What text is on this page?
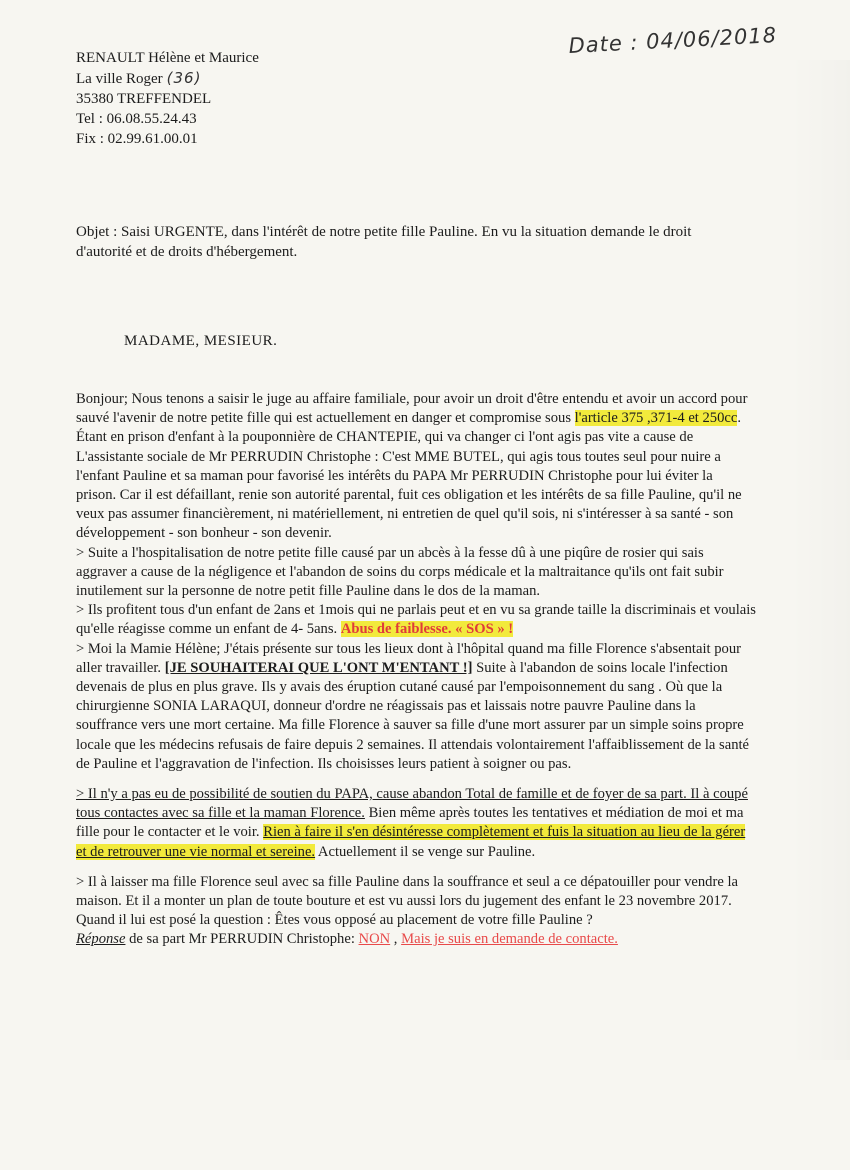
RENAULT Hélène et Maurice
La ville Roger (36)
35380 TREFFENDEL
Tel : 06.08.55.24.43
Fix : 02.99.61.00.01
Date : 04/06/2018
Objet : Saisi URGENTE, dans l'intérêt de notre petite fille Pauline. En vu la situation demande le droit d'autorité et de droits d'hébergement.
MADAME, MESIEUR.

Bonjour; Nous tenons a saisir le juge au affaire familiale, pour avoir un droit d'être entendu et avoir un accord pour sauvé l'avenir de notre petite fille qui est actuellement en danger et compromise sous l'article 375 ,371-4 et 250cc. Étant en prison d'enfant à la pouponnière de CHANTEPIE, qui va changer ci l'ont agis pas vite a cause de L'assistante sociale de Mr PERRUDIN Christophe : C'est MME BUTEL, qui agis tous toutes seul pour nuire a l'enfant Pauline et sa maman pour favorisé les intérêts du PAPA Mr PERRUDIN Christophe pour lui éviter la prison. Car il est défaillant, renie son autorité parental, fuit ces obligation et les intérêts de sa fille Pauline, qu'il ne veux pas assumer financièrement, ni matériellement, ni entretien de quel qu'il sois, ni s'intéresser à sa santé - son développement - son bonheur - son devenir.

> Suite a l'hospitalisation de notre petite fille causé par un abcès à la fesse dû à une piqûre de rosier qui sais aggraver a cause de la négligence et l'abandon de soins du corps médicale et la maltraitance qu'ils ont fait subir inutilement sur la personne de notre petit fille Pauline dans le dos de la maman.

> Ils profitent tous d'un enfant de 2ans et 1mois qui ne parlais peut et en vu sa grande taille la discriminais et voulais qu'elle réagisse comme un enfant de 4- 5ans. Abus de faiblesse. « SOS » !

> Moi la Mamie Hélène; J'étais présente sur tous les lieux dont à l'hôpital quand ma fille Florence s'absentait pour aller travailler. [JE SOUHAITERAI QUE L'ONT M'ENTANT !] Suite à l'abandon de soins locale l'infection devenais de plus en plus grave. Ils y avais des éruption cutané causé par l'empoisonnement du sang . Où que la chirurgienne SONIA LARAQUI, donneur d'ordre ne réagissais pas et laissais notre pauvre Pauline dans la souffrance vers une mort certaine. Ma fille Florence à sauver sa fille d'une mort assurer par un simple soins propre locale que les médecins refusais de faire depuis 2 semaines. Il attendais volontairement l'affaiblissement de la santé de Pauline et l'aggravation de l'infection. Ils choisisses leurs patient à soigner ou pas.

> Il n'y a pas eu de possibilité de soutien du PAPA, cause abandon Total de famille et de foyer de sa part. Il à coupé tous contactes avec sa fille et la maman Florence. Bien même après toutes les tentatives et médiation de moi et ma fille pour le contacter et le voir. Rien à faire il s'en désintéresse complètement et fuis la situation au lieu de la gérer et de retrouver une vie normal et sereine. Actuellement il se venge sur Pauline.

> Il à laisser ma fille Florence seul avec sa fille Pauline dans la souffrance et seul a ce dépatouiller pour vendre la maison. Et il a monter un plan de toute bouture et est vu aussi lors du jugement des enfant le 23 novembre 2017. Quand il lui est posé la question : Êtes vous opposé au placement de votre fille Pauline ?
Réponse de sa part Mr PERRUDIN Christophe: NON , Mais je suis en demande de contacte.
